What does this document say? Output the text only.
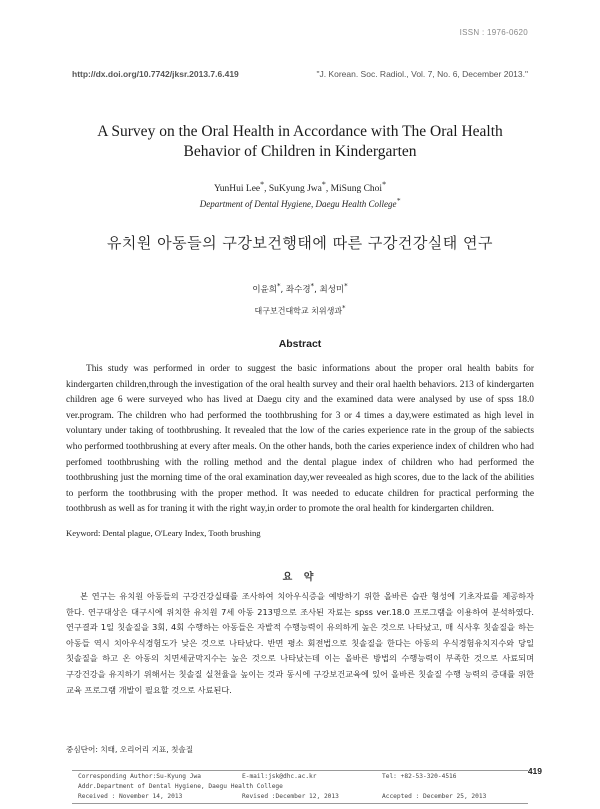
ISSN : 1976-0620
http://dx.doi.org/10.7742/jksr.2013.7.6.419	"J. Korean. Soc. Radiol., Vol. 7, No. 6, December 2013."
A Survey on the Oral Health in Accordance with The Oral Health
Behavior of Children in Kindergarten
YunHui Lee*, SuKyung Jwa*, MiSung Choi*
Department of Dental Hygiene, Daegu Health College*
유치원 아동들의 구강보건행태에 따른 구강건강실태 연구
이윤희*, 좌수경*, 최성미*
대구보건대학교 치위생과*
Abstract

This study was performed in order to suggest the basic informations about the proper oral health babits for kindergarten children,through the investigation of the oral health survey and their oral haelth behaviors. 213 of kindergarten children age 6 were surveyed who has lived at Daegu city and the examined data were analysed by use of spss 18.0 ver.program. The children who had performed the toothbrushing for 3 or 4 times a day,were estimated as high level in voluntary under taking of toothbrushing. It revealed that the low of the caries experience rate in the group of the sabiects who performed toothbrushing at every after meals. On the other hands, both the caries experience index of children who had perfomed toothbrushing with the rolling method and the dental plague index of children who had performed the toothbrushing just the morning time of the oral examination day,wer reveealed as high scores, due to the lack of the abilities to perform the toothbrusing with the proper method. It was needed to educate children for practical performing the toothbrush as well as for traning it with the right way,in order to promote the oral health for kindergarten children.

Keyword: Dental plague, O'Leary Index, Tooth brushing

요 약

본 연구는 유치원 아동들의 구강건강실태를 조사하여 치아우식증을 예방하기 위한 올바른 습관 형성에 기초자료를 제공하자 한다. 연구대상은 대구시에 위치한 유치원 7세 아동 213명으로 조사된 자료는 spss ver.18.0 프로그램을 이용하여 분석하였다. 연구결과 1일 칫솔질을 3회, 4회 수행하는 아동들은 자발적 수행능력이 유의하게 높은 것으로 나타났고, 매 식사후 칫솔질을 하는 아동들 역시 치아우식경험도가 낮은 것으로 나타났다. 반면 평소 회전법으로 칫솔질을 한다는 아동의 우식경험유치지수와 당일 칫솔질을 하고 온 아동의 치면세균막지수는 높은 것으로 나타났는데 이는 올바른 방법의 수행능력이 부족한 것으로 사료되며 구강건강을 유지하기 위해서는 칫솔질 실천율을 높이는 것과 동시에 구강보건교육에 있어 올바른 칫솔질 수행 능력의 증대를 위한 교육 프로그램 개발이 필요할 것으로 사료된다.

중심단어: 치태, 오리어리 지표, 칫솔질

Corresponding Author:Su-Kyung Jwa	E-mail:jsk@dhc.ac.kr	Tel: +82-53-320-4516
Addr.Department of Dental Hygiene, Daegu Health College
Received : November 14, 2013	Revised :December 12, 2013	Accepted : December 25, 2013
419
